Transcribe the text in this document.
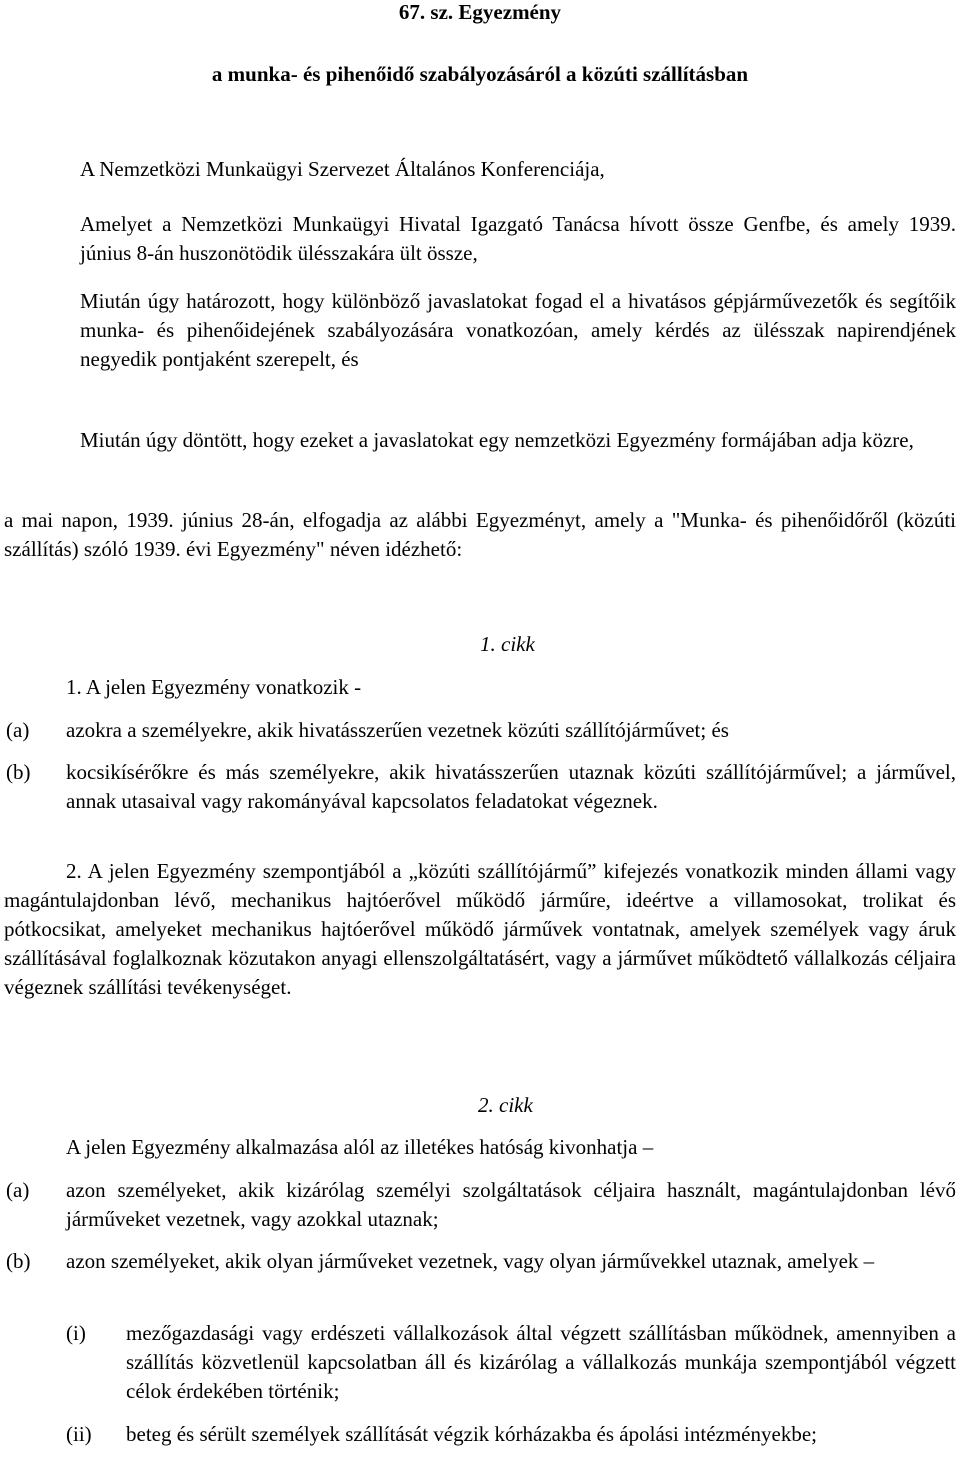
67. sz. Egyezmény

a munka- és pihenőidő szabályozásáról a közúti szállításban

A Nemzetközi Munkaügyi Szervezet Általános Konferenciája,

Amelyet a Nemzetközi Munkaügyi Hivatal Igazgató Tanácsa hívott össze Genfbe, és amely 1939. június 8-án huszonötödik ülésszakára ült össze,

Miután úgy határozott, hogy különböző javaslatokat fogad el a hivatásos gépjárművezetők és segítőik munka- és pihenőidejének szabályozására vonatkozóan, amely kérdés az ülésszak napirendjének negyedik pontjaként szerepelt, és

Miután úgy döntött, hogy ezeket a javaslatokat egy nemzetközi Egyezmény formájában adja közre,

a mai napon, 1939. június 28-án, elfogadja az alábbi Egyezményt, amely a "Munka- és pihenőidőről (közúti szállítás) szóló 1939. évi Egyezmény" néven idézhető:

1. cikk

1. A jelen Egyezmény vonatkozik -

(a) azokra a személyekre, akik hivatásszerűen vezetnek közúti szállítójárművet; és

(b) kocsikísérőkre és más személyekre, akik hivatásszerűen utaznak közúti szállítójárművel; a járművel, annak utasaival vagy rakományával kapcsolatos feladatokat végeznek.

2. A jelen Egyezmény szempontjából a „közúti szállítójármű” kifejezés vonatkozik minden állami vagy magántulajdonban lévő, mechanikus hajtóerővel működő járműre, ideértve a villamosokat, trolikat és pótkocsikat, amelyeket mechanikus hajtóerővel működő járművek vontatnak, amelyek személyek vagy áruk szállításával foglalkoznak közutakon anyagi ellenszolgáltatásért, vagy a járművet működtető vállalkozás céljaira végeznek szállítási tevékenységet.

2. cikk

A jelen Egyezmény alkalmazása alól az illetékes hatóság kivonhatja –

(a) azon személyeket, akik kizárólag személyi szolgáltatások céljaira használt, magántulajdonban lévő járműveket vezetnek, vagy azokkal utaznak;

(b) azon személyeket, akik olyan járműveket vezetnek, vagy olyan járművekkel utaznak, amelyek –

(i) mezőgazdasági vagy erdészeti vállalkozások által végzett szállításban működnek, amennyiben a szállítás közvetlenül kapcsolatban áll és kizárólag a vállalkozás munkája szempontjából végzett célok érdekében történik;

(ii) beteg és sérült személyek szállítását végzik kórházakba és ápolási intézményekbe;
